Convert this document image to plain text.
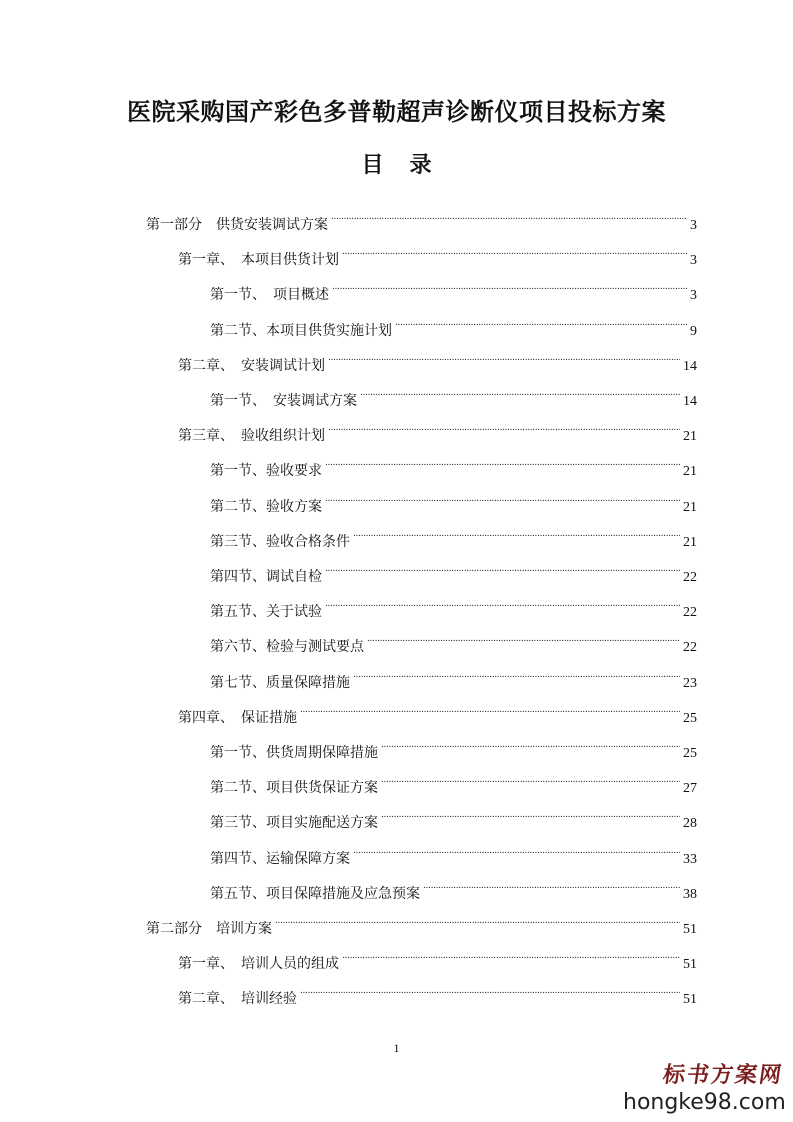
医院采购国产彩色多普勒超声诊断仪项目投标方案
目录
第一部分　供货安装调试方案 . . .	3
第一章、　本项目供货计划 . . .	3
第一节、　项目概述 . . .	3
第二节、本项目供货实施计划 . . .	9
第二章、　安装调试计划 . . .	14
第一节、　安装调试方案 . . .	14
第三章、　验收组织计划 . . .	21
第一节、验收要求 . . .	21
第二节、验收方案 . . .	21
第三节、验收合格条件 . . .	21
第四节、调试自检 . . .	22
第五节、关于试验 . . .	22
第六节、检验与测试要点 . . .	22
第七节、质量保障措施 . . .	23
第四章、　保证措施 . . .	25
第一节、供货周期保障措施 . . .	25
第二节、项目供货保证方案 . . .	27
第三节、项目实施配送方案 . . .	28
第四节、运输保障方案 . . .	33
第五节、项目保障措施及应急预案 . . .	38
第二部分　培训方案 . . .	51
第一章、　培训人员的组成 . . .	51
第二章、　培训经验 . . .	51
1
标书方案网
hongke98.com
